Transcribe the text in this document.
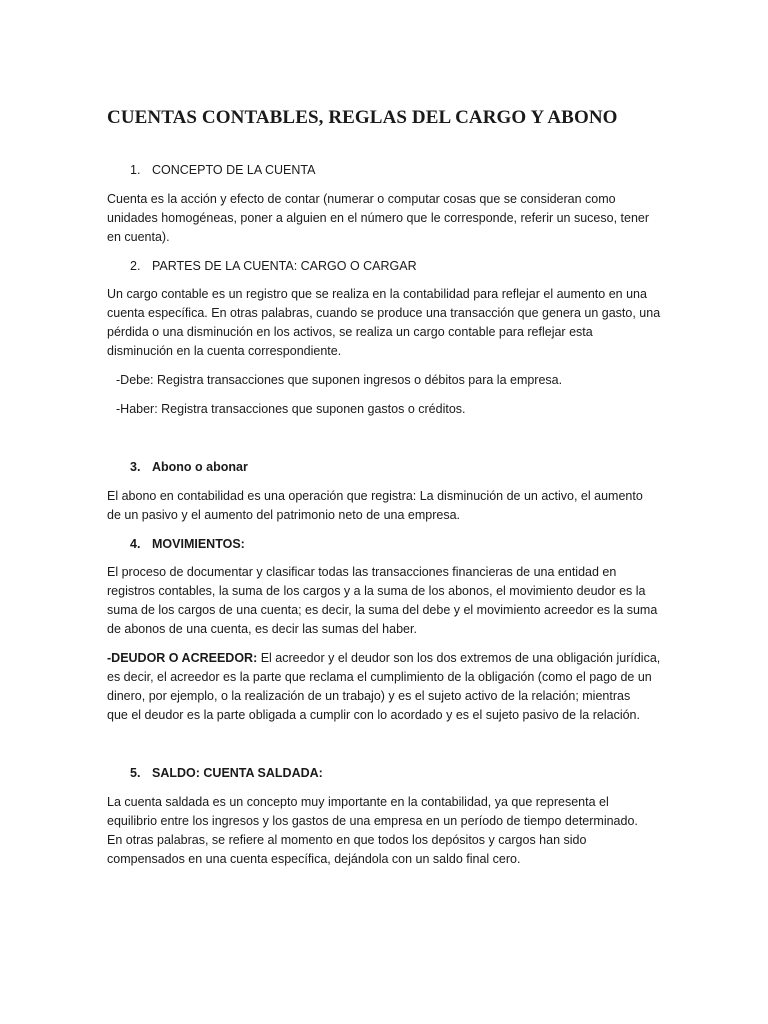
CUENTAS CONTABLES, REGLAS DEL CARGO Y ABONO
1. CONCEPTO DE LA CUENTA

Cuenta es la acción y efecto de contar (numerar o computar cosas que se consideran como
unidades homogéneas, poner a alguien en el número que le corresponde, referir un suceso, tener
en cuenta).

2. PARTES DE LA CUENTA: CARGO O CARGAR

Un cargo contable es un registro que se realiza en la contabilidad para reflejar el aumento en una
cuenta específica. En otras palabras, cuando se produce una transacción que genera un gasto, una
pérdida o una disminución en los activos, se realiza un cargo contable para reflejar esta
disminución en la cuenta correspondiente.

-Debe: Registra transacciones que suponen ingresos o débitos para la empresa.

-Haber: Registra transacciones que suponen gastos o créditos.

3. Abono o abonar

El abono en contabilidad es una operación que registra: La disminución de un activo, el aumento
de un pasivo y el aumento del patrimonio neto de una empresa.

4. MOVIMIENTOS:

El proceso de documentar y clasificar todas las transacciones financieras de una entidad en
registros contables, la suma de los cargos y a la suma de los abonos, el movimiento deudor es la
suma de los cargos de una cuenta; es decir, la suma del debe y el movimiento acreedor es la suma
de abonos de una cuenta, es decir las sumas del haber.

-DEUDOR O ACREEDOR: El acreedor y el deudor son los dos extremos de una obligación jurídica,
es decir, el acreedor es la parte que reclama el cumplimiento de la obligación (como el pago de un
dinero, por ejemplo, o la realización de un trabajo) y es el sujeto activo de la relación; mientras
que el deudor es la parte obligada a cumplir con lo acordado y es el sujeto pasivo de la relación.

5. SALDO: CUENTA SALDADA:

La cuenta saldada es un concepto muy importante en la contabilidad, ya que representa el
equilibrio entre los ingresos y los gastos de una empresa en un período de tiempo determinado.
En otras palabras, se refiere al momento en que todos los depósitos y cargos han sido
compensados en una cuenta específica, dejándola con un saldo final cero.
